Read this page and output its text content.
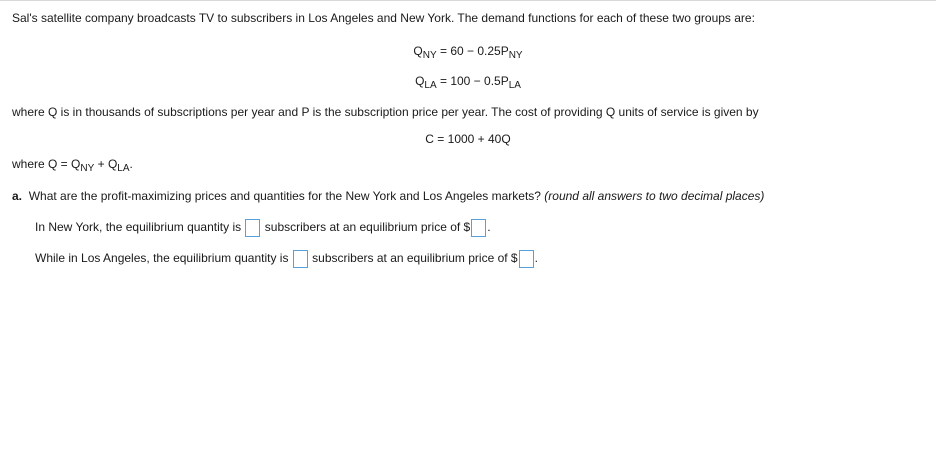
Sal's satellite company broadcasts TV to subscribers in Los Angeles and New York. The demand functions for each of these two groups are:
$Q_{NY} = 60 - 0.25P_{NY}$
$Q_{LA} = 100 - 0.5P_{LA}$
where Q is in thousands of subscriptions per year and P is the subscription price per year. The cost of providing Q units of service is given by
C = 1000 + 40Q
where $Q = Q_{NY} + Q_{LA}$.
a. What are the profit-maximizing prices and quantities for the New York and Los Angeles markets? (round all answers to two decimal places)
In New York, the equilibrium quantity is subscribers at an equilibrium price of $ .
While in Los Angeles, the equilibrium quantity is subscribers at an equilibrium price of $ .
